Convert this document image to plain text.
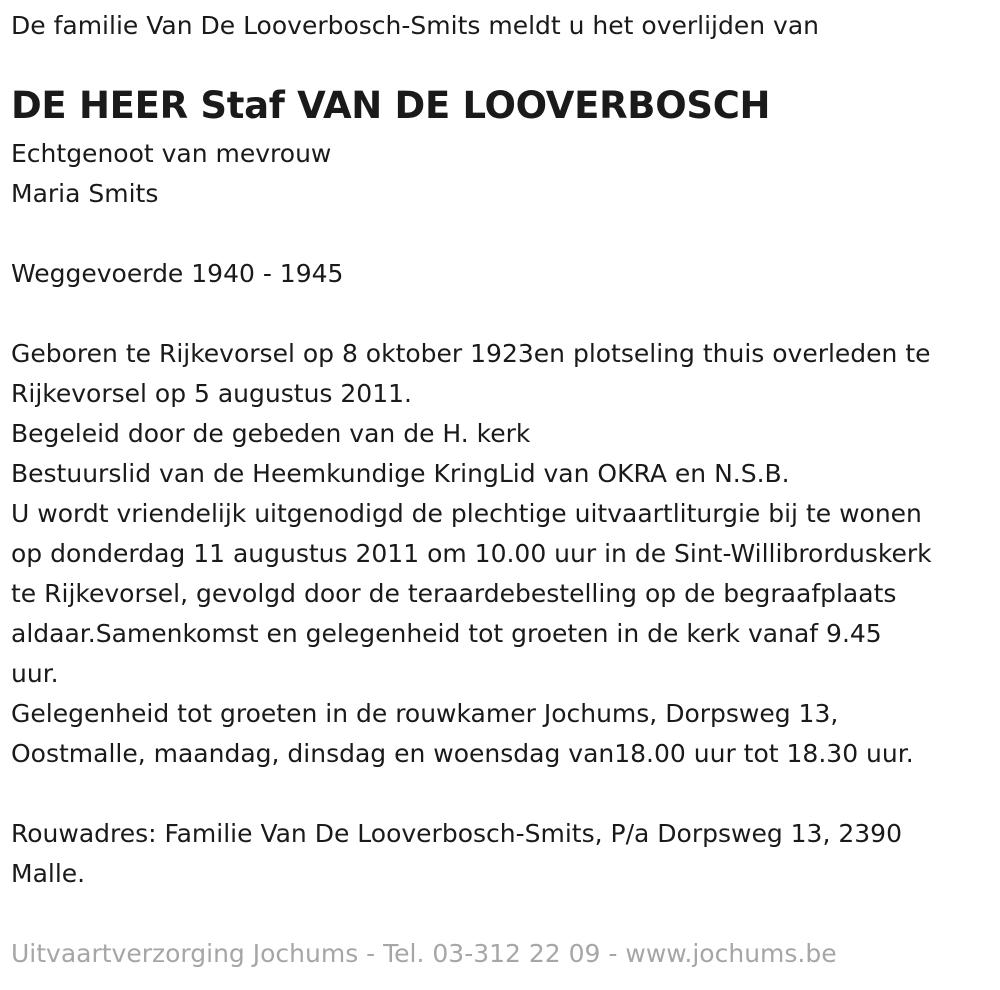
De familie Van De Looverbosch-Smits meldt u het overlijden van
DE HEER Staf VAN DE LOOVERBOSCH
Echtgenoot van mevrouw
Maria Smits
Weggevoerde 1940 - 1945
Geboren te Rijkevorsel op 8 oktober 1923en plotseling thuis overleden te
Rijkevorsel op 5 augustus 2011.
Begeleid door de gebeden van de H. kerk
Bestuurslid van de Heemkundige KringLid van OKRA en N.S.B.
U wordt vriendelijk uitgenodigd de plechtige uitvaartliturgie bij te wonen
op donderdag 11 augustus 2011 om 10.00 uur in de Sint-Willibrorduskerk
te Rijkevorsel, gevolgd door de teraardebestelling op de begraafplaats
aldaar.Samenkomst en gelegenheid tot groeten in de kerk vanaf 9.45
uur.
Gelegenheid tot groeten in de rouwkamer Jochums, Dorpsweg 13,
Oostmalle, maandag, dinsdag en woensdag van18.00 uur tot 18.30 uur.
Rouwadres: Familie Van De Looverbosch-Smits, P/a Dorpsweg 13, 2390
Malle.
Uitvaartverzorging Jochums - Tel. 03-312 22 09 - www.jochums.be
